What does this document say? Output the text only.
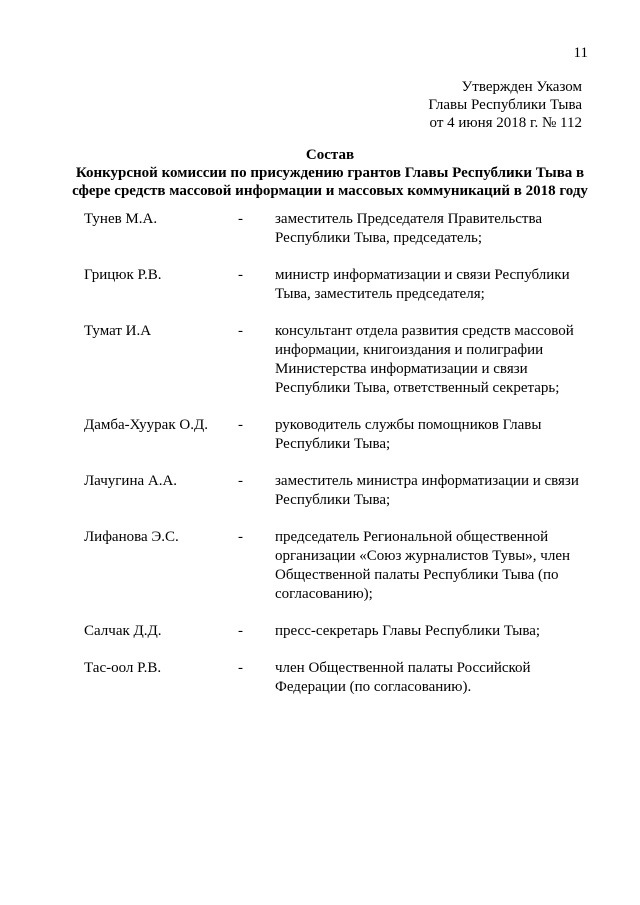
11
Утвержден Указом
Главы Республики Тыва
от 4 июня 2018 г. № 112
Состав
Конкурсной комиссии по присуждению грантов Главы Республики Тыва в
сфере средств массовой информации и массовых коммуникаций в 2018 году
Тунев М.А.	- заместитель Председателя Правительства
Республики Тыва, председатель;
Грицюк Р.В.	- министр информатизации и связи Республики
Тыва, заместитель председателя;
Тумат И.А	- консультант отдела развития средств массовой
информации, книгоиздания и полиграфии
Министерства информатизации и связи
Республики Тыва, ответственный секретарь;
Дамба-Хуурак О.Д. - руководитель службы помощников Главы
Республики Тыва;
Лачугина А.А.	- заместитель министра информатизации и связи
Республики Тыва;
Лифанова Э.С.	- председатель Региональной общественной
организации «Союз журналистов Тувы», член
Общественной палаты Республики Тыва (по
согласованию);
Салчак Д.Д.	- пресс-секретарь Главы Республики Тыва;
Тас-оол Р.В.	- член Общественной палаты Российской
Федерации (по согласованию).
